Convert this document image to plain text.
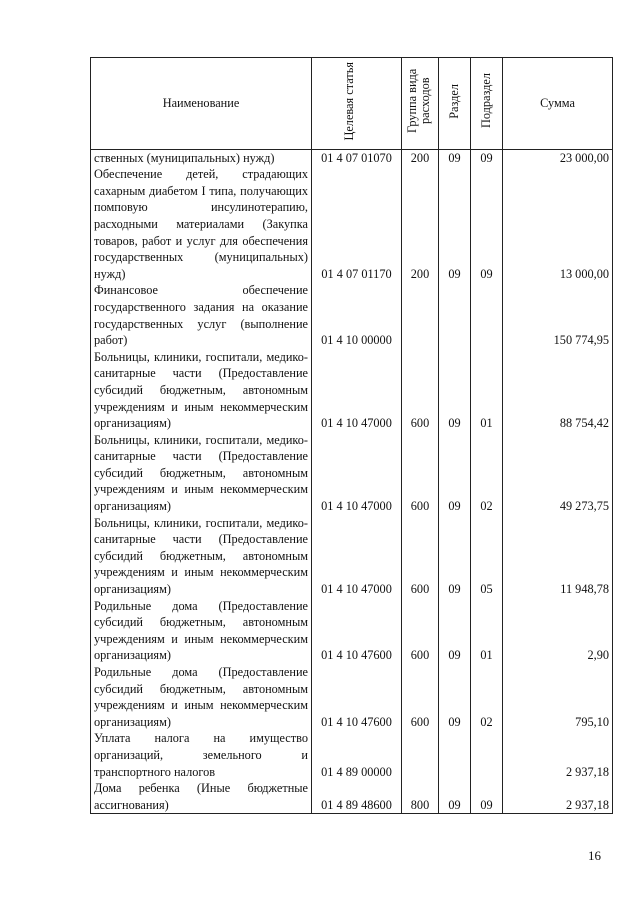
Наименование	Целевая статья	Группа вида расходов	Раздел	Подраздел	Сумма
ственных (муниципальных) нужд)	01 4 07 01070	200	09	09	23 000,00
Обеспечение детей, страдающих сахарным диабетом I типа, получающих помповую инсулинотерапию, расходными материалами (Закупка товаров, работ и услуг для обеспечения государственных (муниципальных) нужд)	01 4 07 01170	200	09	09	13 000,00
Финансовое обеспечение государственного задания на оказание государственных услуг (выполнение работ)	01 4 10 00000				150 774,95
Больницы, клиники, госпитали, медико-санитарные части (Предоставление субсидий бюджетным, автономным учреждениям и иным некоммерческим организациям)	01 4 10 47000	600	09	01	88 754,42
Больницы, клиники, госпитали, медико-санитарные части (Предоставление субсидий бюджетным, автономным учреждениям и иным некоммерческим организациям)	01 4 10 47000	600	09	02	49 273,75
Больницы, клиники, госпитали, медико-санитарные части (Предоставление субсидий бюджетным, автономным учреждениям и иным некоммерческим организациям)	01 4 10 47000	600	09	05	11 948,78
Родильные дома (Предоставление субсидий бюджетным, автономным учреждениям и иным некоммерческим организациям)	01 4 10 47600	600	09	01	2,90
Родильные дома (Предоставление субсидий бюджетным, автономным учреждениям и иным некоммерческим организациям)	01 4 10 47600	600	09	02	795,10
Уплата налога на имущество организаций, земельного и транспортного налогов	01 4 89 00000				2 937,18
Дома ребенка (Иные бюджетные ассигнования)	01 4 89 48600	800	09	09	2 937,18
16
